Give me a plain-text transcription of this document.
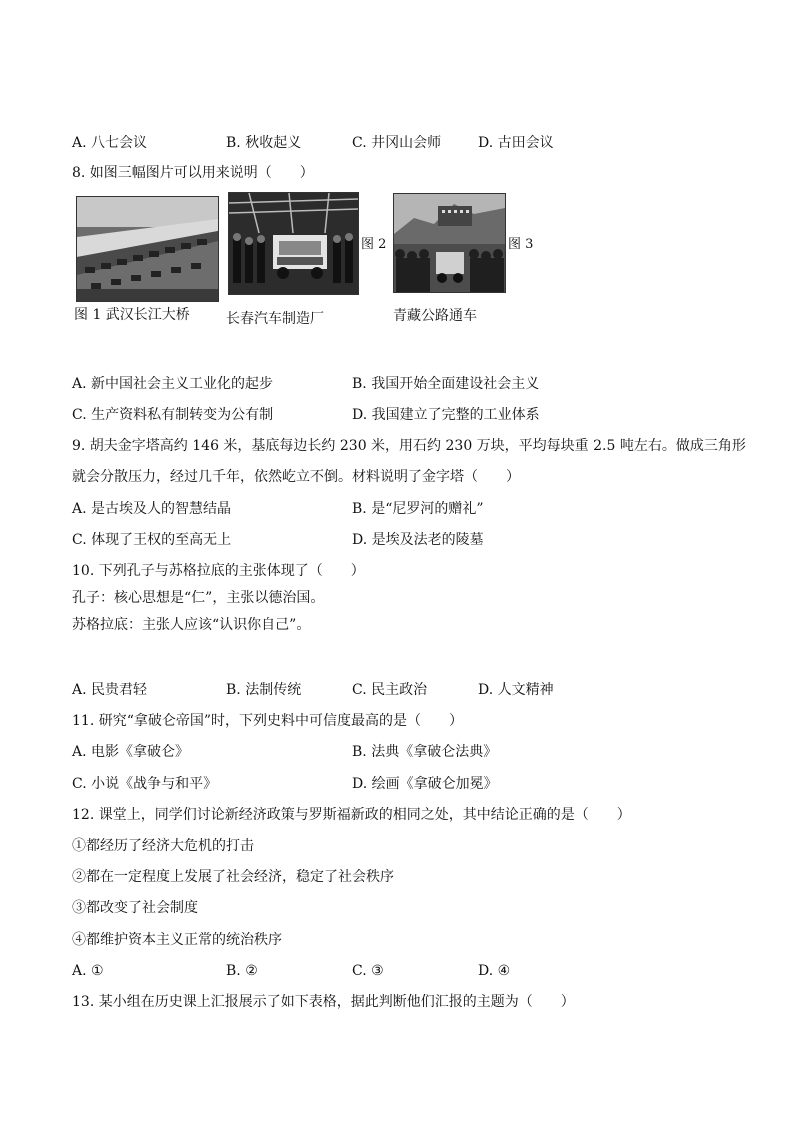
A. 八七会议	B. 秋收起义	C. 井冈山会师	D. 古田会议
8. 如图三幅图片可以用来说明（　　）
图 2	图 3
图 1 武汉长江大桥	长春汽车制造厂	青藏公路通车
A. 新中国社会主义工业化的起步	B. 我国开始全面建设社会主义
C. 生产资料私有制转变为公有制	D. 我国建立了完整的工业体系
9. 胡夫金字塔高约 146 米，基底每边长约 230 米，用石约 230 万块，平均每块重 2.5 吨左右。做成三角形
就会分散压力，经过几千年，依然屹立不倒。材料说明了金字塔（　　）
A. 是古埃及人的智慧结晶	B. 是“尼罗河的赠礼”
C. 体现了王权的至高无上	D. 是埃及法老的陵墓
10. 下列孔子与苏格拉底的主张体现了（　　）
孔子：核心思想是“仁”，主张以德治国。
苏格拉底：主张人应该“认识你自己”。
A. 民贵君轻	B. 法制传统	C. 民主政治	D. 人文精神
11. 研究“拿破仑帝国”时，下列史料中可信度最高的是（　　）
A. 电影《拿破仑》	B. 法典《拿破仑法典》
C. 小说《战争与和平》	D. 绘画《拿破仑加冕》
12. 课堂上，同学们讨论新经济政策与罗斯福新政的相同之处，其中结论正确的是（　　）
①都经历了经济大危机的打击
②都在一定程度上发展了社会经济，稳定了社会秩序
③都改变了社会制度
④都维护资本主义正常的统治秩序
A. ①	B. ②	C. ③	D. ④
13. 某小组在历史课上汇报展示了如下表格，据此判断他们汇报的主题为（　　）
